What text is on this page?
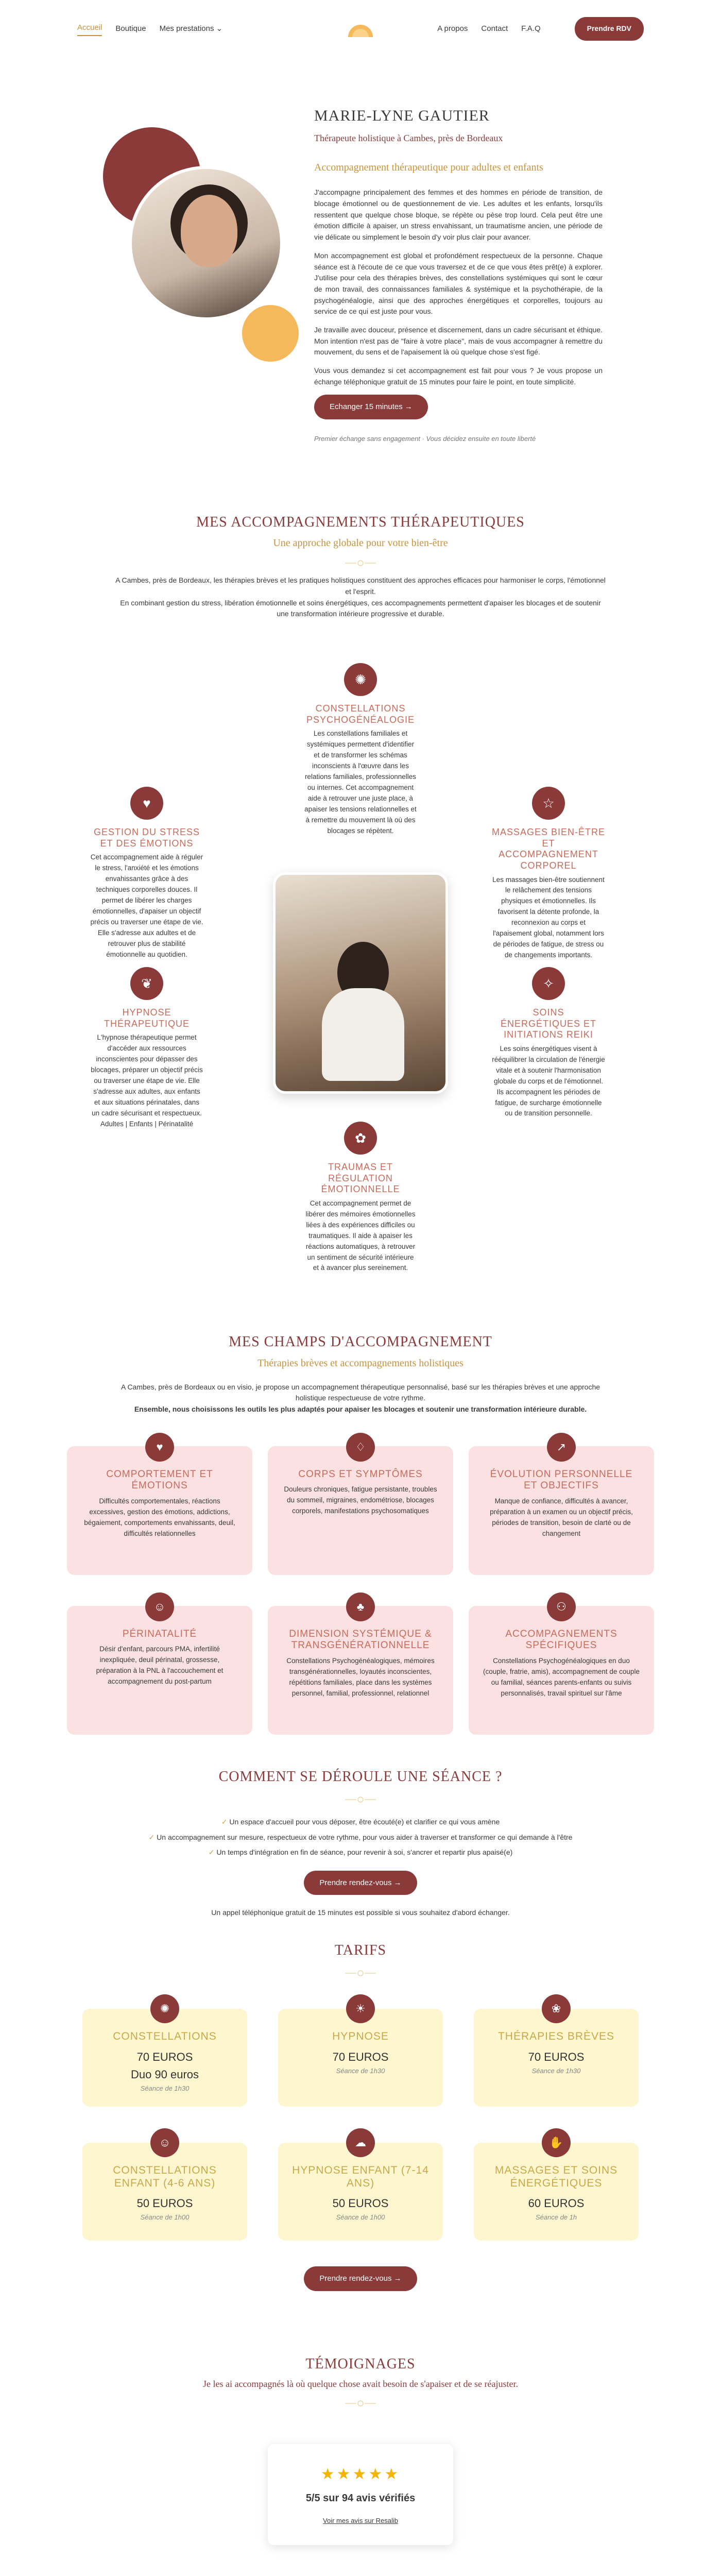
Accueil Boutique Mes prestations ⌄	A propos Contact F.A.Q	Prendre RDV
MARIE-LYNE GAUTIER
Thérapeute holistique à Cambes, près de Bordeaux
Accompagnement thérapeutique pour adultes et enfants

J'accompagne principalement des femmes et des hommes en période de transition, de blocage émotionnel ou de questionnement de vie. Les adultes et les enfants, lorsqu'ils ressentent que quelque chose bloque, se répète ou pèse trop lourd. Cela peut être une émotion difficile à apaiser, un stress envahissant, un traumatisme ancien, une période de vie délicate ou simplement le besoin d'y voir plus clair pour avancer.

Mon accompagnement est global et profondément respectueux de la personne. Chaque séance est à l'écoute de ce que vous traversez et de ce que vous êtes prêt(e) à explorer. J'utilise pour cela des thérapies brèves, des constellations systémiques qui sont le cœur de mon travail, des connaissances familiales & systémique et la psychothérapie, de la psychogénéalogie, ainsi que des approches énergétiques et corporelles, toujours au service de ce qui est juste pour vous.

Je travaille avec douceur, présence et discernement, dans un cadre sécurisant et éthique. Mon intention n'est pas de "faire à votre place", mais de vous accompagner à remettre du mouvement, du sens et de l'apaisement là où quelque chose s'est figé.

Vous vous demandez si cet accompagnement est fait pour vous ? Je vous propose un échange téléphonique gratuit de 15 minutes pour faire le point, en toute simplicité.

Echanger 15 minutes →
Premier échange sans engagement · Vous décidez ensuite en toute liberté
MES ACCOMPAGNEMENTS THÉRAPEUTIQUES
Une approche globale pour votre bien-être

A Cambes, près de Bordeaux, les thérapies brèves et les pratiques holistiques constituent des approches efficaces pour harmoniser le corps, l'émotionnel et l'esprit.
En combinant gestion du stress, libération émotionnelle et soins énergétiques, ces accompagnements permettent d'apaiser les blocages et de soutenir une transformation intérieure progressive et durable.

✺
CONSTELLATIONS PSYCHOGÉNÉALOGIE
Les constellations familiales et systémiques permettent d'identifier et de transformer les schémas inconscients à l'œuvre dans les relations familiales, professionnelles ou internes. Cet accompagnement aide à retrouver une juste place, à apaiser les tensions relationnelles et à remettre du mouvement là où des blocages se répètent.
♥
GESTION DU STRESS ET DES ÉMOTIONS
Cet accompagnement aide à réguler le stress, l'anxiété et les émotions envahissantes grâce à des techniques corporelles douces. Il permet de libérer les charges émotionnelles, d'apaiser un objectif précis ou traverser une étape de vie. Elle s'adresse aux adultes et de retrouver plus de stabilité émotionnelle au quotidien.
☆
MASSAGES BIEN-ÊTRE ET ACCOMPAGNEMENT CORPOREL
Les massages bien-être soutiennent le relâchement des tensions physiques et émotionnelles. Ils favorisent la détente profonde, la reconnexion au corps et l'apaisement global, notamment lors de périodes de fatigue, de stress ou de changements importants.
❦
HYPNOSE THÉRAPEUTIQUE
L'hypnose thérapeutique permet d'accéder aux ressources inconscientes pour dépasser des blocages, préparer un objectif précis ou traverser une étape de vie. Elle s'adresse aux adultes, aux enfants et aux situations périnatales, dans un cadre sécurisant et respectueux. Adultes | Enfants | Périnatalité
✧
SOINS ÉNERGÉTIQUES ET INITIATIONS REIKI
Les soins énergétiques visent à rééquilibrer la circulation de l'énergie vitale et à soutenir l'harmonisation globale du corps et de l'émotionnel. Ils accompagnent les périodes de fatigue, de surcharge émotionnelle ou de transition personnelle.
✿
TRAUMAS ET RÉGULATION ÉMOTIONNELLE
Cet accompagnement permet de libérer des mémoires émotionnelles liées à des expériences difficiles ou traumatiques. Il aide à apaiser les réactions automatiques, à retrouver un sentiment de sécurité intérieure et à avancer plus sereinement.
MES CHAMPS D'ACCOMPAGNEMENT
Thérapies brèves et accompagnements holistiques

A Cambes, près de Bordeaux ou en visio, je propose un accompagnement thérapeutique personnalisé, basé sur les thérapies brèves et une approche holistique respectueuse de votre rythme.
Ensemble, nous choisissons les outils les plus adaptés pour apaiser les blocages et soutenir une transformation intérieure durable.

♥
COMPORTEMENT ET ÉMOTIONS
Difficultés comportementales, réactions excessives, gestion des émotions, addictions, bégaiement, comportements envahissants, deuil, difficultés relationnelles
♢
CORPS ET SYMPTÔMES
Douleurs chroniques, fatigue persistante, troubles du sommeil, migraines, endométriose, blocages corporels, manifestations psychosomatiques
↗
ÉVOLUTION PERSONNELLE ET OBJECTIFS
Manque de confiance, difficultés à avancer, préparation à un examen ou un objectif précis, périodes de transition, besoin de clarté ou de changement
☺
PÉRINATALITÉ
Désir d'enfant, parcours PMA, infertilité inexpliquée, deuil périnatal, grossesse, préparation à la PNL à l'accouchement et accompagnement du post-partum
♣
DIMENSION SYSTÉMIQUE & TRANSGÉNÉRATIONNELLE
Constellations Psychogénéalogiques, mémoires transgénérationnelles, loyautés inconscientes, répétitions familiales, place dans les systèmes personnel, familial, professionnel, relationnel
⚇
ACCOMPAGNEMENTS SPÉCIFIQUES
Constellations Psychogénéalogiques en duo (couple, fratrie, amis), accompagnement de couple ou familial, séances parents-enfants ou suivis personnalisés, travail spirituel sur l'âme
COMMENT SE DÉROULE UNE SÉANCE ?
✓ Un espace d'accueil pour vous déposer, être écouté(e) et clarifier ce qui vous amène
✓ Un accompagnement sur mesure, respectueux de votre rythme, pour vous aider à traverser et transformer ce qui demande à l'être
✓ Un temps d'intégration en fin de séance, pour revenir à soi, s'ancrer et repartir plus apaisé(e)
Prendre rendez-vous →

Un appel téléphonique gratuit de 15 minutes est possible si vous souhaitez d'abord échanger.

TARIFS
✺
CONSTELLATIONS
70 EUROS
Duo 90 euros
Séance de 1h30
☀
HYPNOSE
70 EUROS
Séance de 1h30
❀
THÉRAPIES BRÈVES
70 EUROS
Séance de 1h30
☺
CONSTELLATIONS ENFANT (4-6 ANS)
50 EUROS
Séance de 1h00
☁
HYPNOSE ENFANT (7-14 ANS)
50 EUROS
Séance de 1h00
✋
MASSAGES ET SOINS ÉNERGÉTIQUES
60 EUROS
Séance de 1h
Prendre rendez-vous →
TÉMOIGNAGES
Je les ai accompagnés là où quelque chose avait besoin de s'apaiser et de se réajuster.
★★★★★
5/5 sur 94 avis vérifiés
Voir mes avis sur Resalib
